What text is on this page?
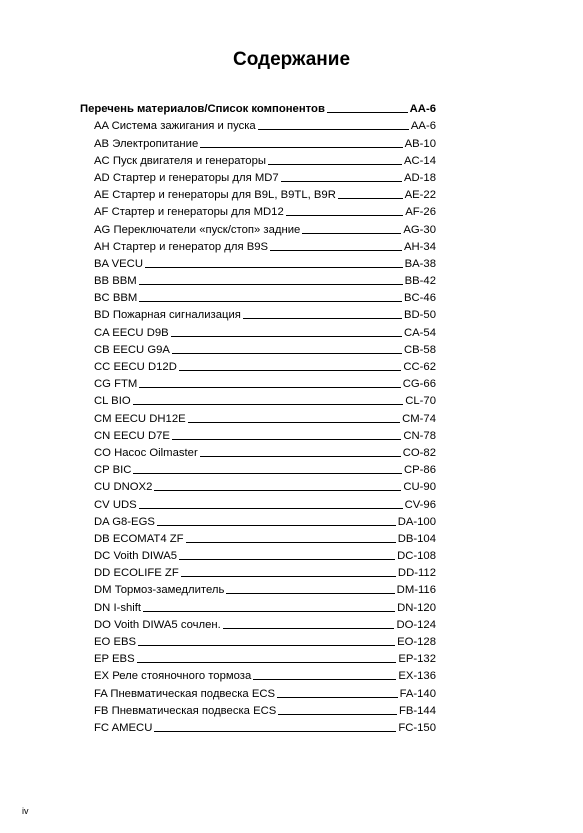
Содержание
Перечень материалов/Список компонентов	AA-6
AA Система зажигания и пуска	AA-6
AB Электропитание	AB-10
AC Пуск двигателя и генераторы	AC-14
AD Стартер и генераторы для MD7	AD-18
AE Стартер и генераторы для B9L, B9TL, B9R	AE-22
AF Стартер и генераторы для MD12	AF-26
AG Переключатели «пуск/стоп» задние	AG-30
AH Стартер и генератор для B9S	AH-34
BA VECU	BA-38
BB BBM	BB-42
BC BBM	BC-46
BD Пожарная сигнализация	BD-50
CA EECU D9B	CA-54
CB EECU G9A	CB-58
CC EECU D12D	CC-62
CG FTM	CG-66
CL BIO	CL-70
CM EECU DH12E	CM-74
CN EECU D7E	CN-78
CO Насос Oilmaster	CO-82
CP BIC	CP-86
CU DNOX2	CU-90
CV UDS	CV-96
DA G8-EGS	DA-100
DB ECOMAT4 ZF	DB-104
DC Voith DIWA5	DC-108
DD ECOLIFE ZF	DD-112
DM Тормоз-замедлитель	DM-116
DN I-shift	DN-120
DO Voith DIWA5 сочлен.	DO-124
EO EBS	EO-128
EP EBS	EP-132
EX Реле стояночного тормоза	EX-136
FA Пневматическая подвеска ECS	FA-140
FB Пневматическая подвеска ECS	FB-144
FC AMECU	FC-150
iv
